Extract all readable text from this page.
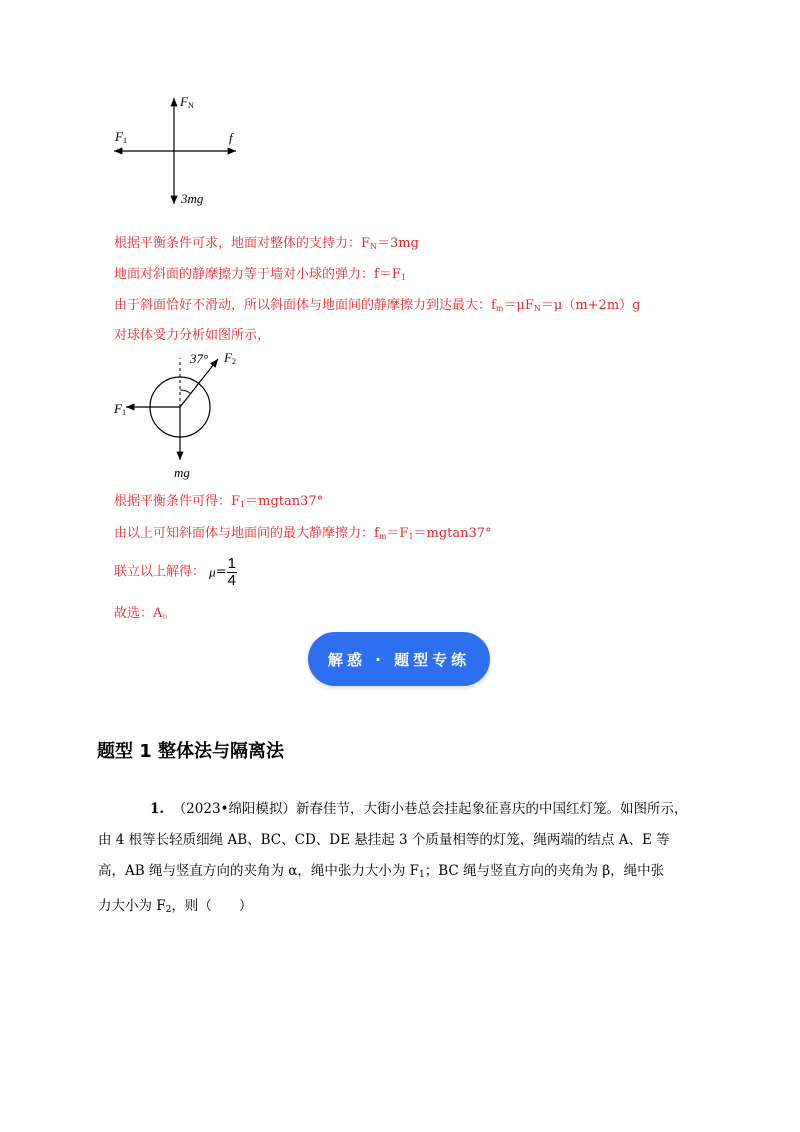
$F_N$
$F_1$	f
3mg
根据平衡条件可求，地面对整体的支持力：$F_N=3mg$
地面对斜面的静摩擦力等于墙对小球的弹力：$f=F_1$
由于斜面恰好不滑动，所以斜面体与地面间的静摩擦力到达最大：$f_m=\mu F_N=\mu(m+2m)g$
对球体受力分析如图所示，
37° $F_2$
$F_1$
mg
根据平衡条件可得：$F_1=mgtan37^\circ$
由以上可知斜面体与地面间的最大静摩擦力：$f_m=F_1=mgtan37^\circ$
联立以上解得： $\mu= \frac{1}{4}$
故选：A。
解惑 · 题型专练
题型 1 整体法与隔离法

1. （2023•绵阳模拟）新春佳节，大街小巷总会挂起象征喜庆的中国红灯笼。如图所示，

由 4 根等长轻质细绳 AB、BC、CD、DE 悬挂起 3 个质量相等的灯笼，绳两端的结点 A、E 等

高，AB 绳与竖直方向的夹角为 α，绳中张力大小为 $F_1$；BC 绳与竖直方向的夹角为 β，绳中张

力大小为 $F_2$，则（　　）
